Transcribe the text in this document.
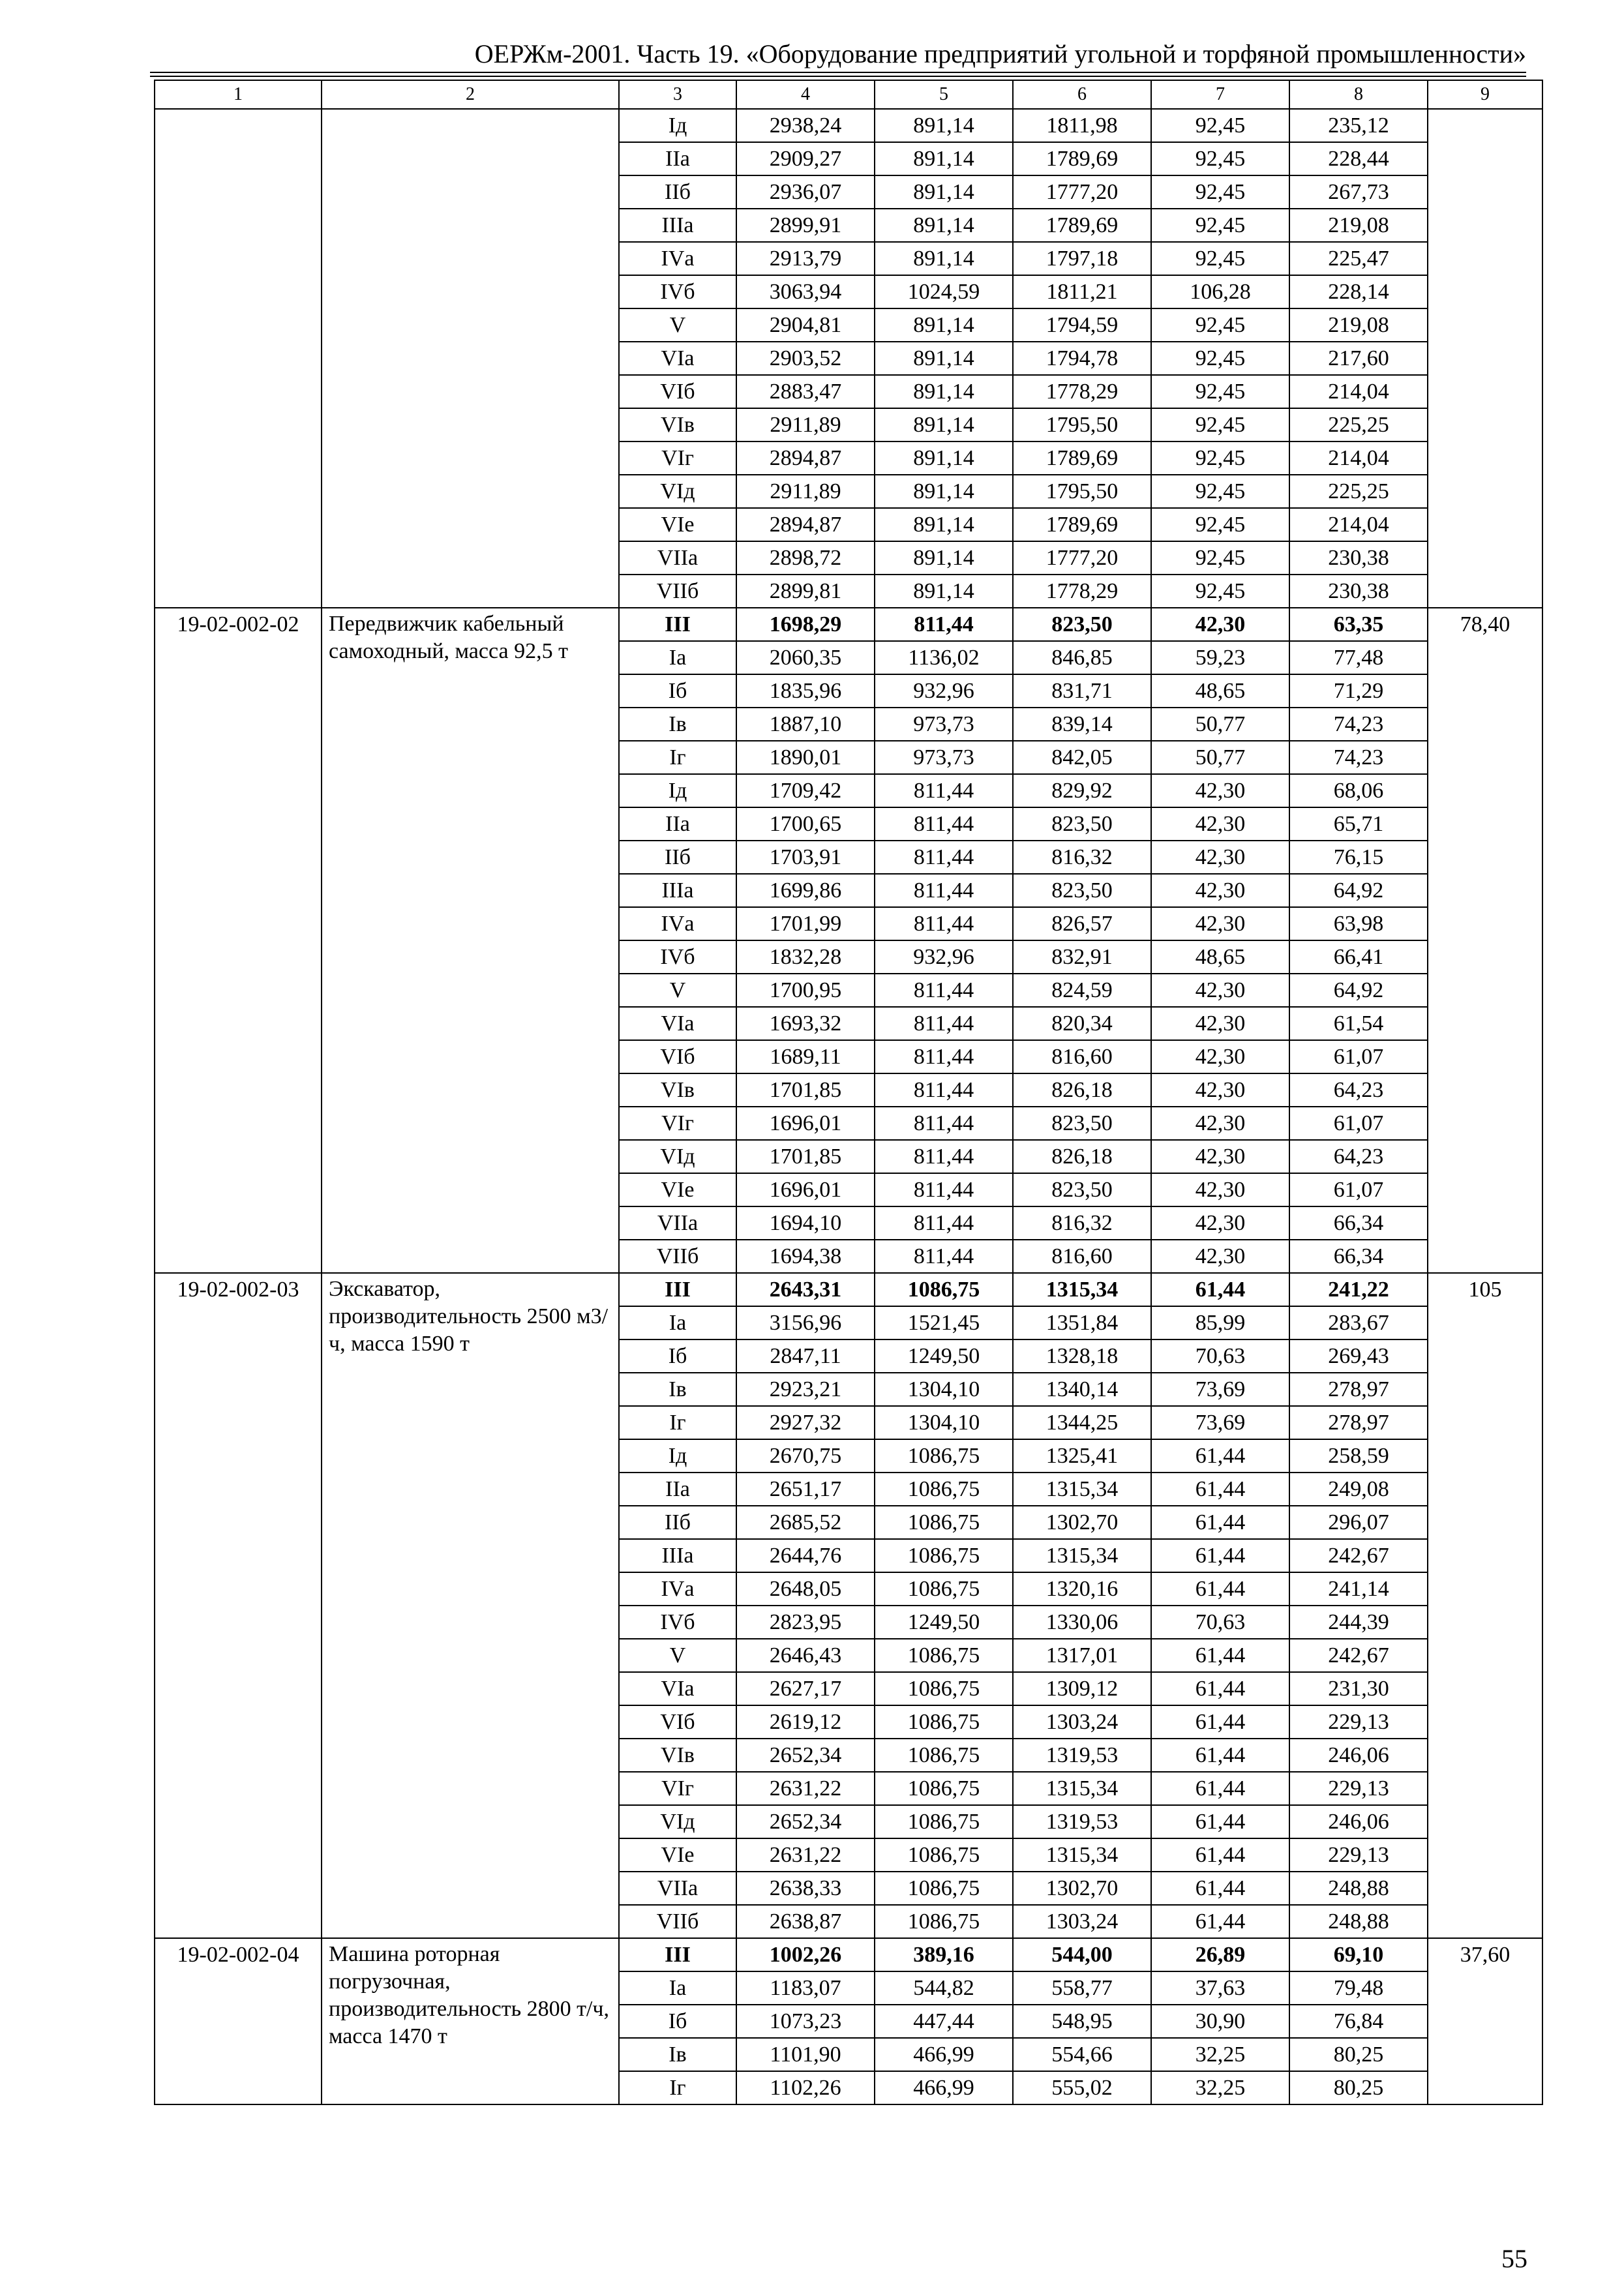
ОЕРЖм-2001. Часть 19. «Оборудование предприятий угольной и торфяной промышленности»
1	2	3	4	5	6	7	8	9
		Iд	2938,24	891,14	1811,98	92,45	235,12	
		IIа	2909,27	891,14	1789,69	92,45	228,44	
		IIб	2936,07	891,14	1777,20	92,45	267,73	
		IIIа	2899,91	891,14	1789,69	92,45	219,08	
		IVа	2913,79	891,14	1797,18	92,45	225,47	
		IVб	3063,94	1024,59	1811,21	106,28	228,14	
		V	2904,81	891,14	1794,59	92,45	219,08	
		VIа	2903,52	891,14	1794,78	92,45	217,60	
		VIб	2883,47	891,14	1778,29	92,45	214,04	
		VIв	2911,89	891,14	1795,50	92,45	225,25	
		VIг	2894,87	891,14	1789,69	92,45	214,04	
		VIд	2911,89	891,14	1795,50	92,45	225,25	
		VIе	2894,87	891,14	1789,69	92,45	214,04	
		VIIа	2898,72	891,14	1777,20	92,45	230,38	
		VIIб	2899,81	891,14	1778,29	92,45	230,38	
19-02-002-02	Передвижчик кабельный самоходный, масса 92,5 т	III	1698,29	811,44	823,50	42,30	63,35	78,40
		Iа	2060,35	1136,02	846,85	59,23	77,48	
		Iб	1835,96	932,96	831,71	48,65	71,29	
		Iв	1887,10	973,73	839,14	50,77	74,23	
		Iг	1890,01	973,73	842,05	50,77	74,23	
		Iд	1709,42	811,44	829,92	42,30	68,06	
		IIа	1700,65	811,44	823,50	42,30	65,71	
		IIб	1703,91	811,44	816,32	42,30	76,15	
		IIIа	1699,86	811,44	823,50	42,30	64,92	
		IVа	1701,99	811,44	826,57	42,30	63,98	
		IVб	1832,28	932,96	832,91	48,65	66,41	
		V	1700,95	811,44	824,59	42,30	64,92	
		VIа	1693,32	811,44	820,34	42,30	61,54	
		VIб	1689,11	811,44	816,60	42,30	61,07	
		VIв	1701,85	811,44	826,18	42,30	64,23	
		VIг	1696,01	811,44	823,50	42,30	61,07	
		VIд	1701,85	811,44	826,18	42,30	64,23	
		VIе	1696,01	811,44	823,50	42,30	61,07	
		VIIа	1694,10	811,44	816,32	42,30	66,34	
		VIIб	1694,38	811,44	816,60	42,30	66,34	
19-02-002-03	Экскаватор, производительность 2500 м3/ч, масса 1590 т	III	2643,31	1086,75	1315,34	61,44	241,22	105
		Iа	3156,96	1521,45	1351,84	85,99	283,67	
		Iб	2847,11	1249,50	1328,18	70,63	269,43	
		Iв	2923,21	1304,10	1340,14	73,69	278,97	
		Iг	2927,32	1304,10	1344,25	73,69	278,97	
		Iд	2670,75	1086,75	1325,41	61,44	258,59	
		IIа	2651,17	1086,75	1315,34	61,44	249,08	
		IIб	2685,52	1086,75	1302,70	61,44	296,07	
		IIIа	2644,76	1086,75	1315,34	61,44	242,67	
		IVа	2648,05	1086,75	1320,16	61,44	241,14	
		IVб	2823,95	1249,50	1330,06	70,63	244,39	
		V	2646,43	1086,75	1317,01	61,44	242,67	
		VIа	2627,17	1086,75	1309,12	61,44	231,30	
		VIб	2619,12	1086,75	1303,24	61,44	229,13	
		VIв	2652,34	1086,75	1319,53	61,44	246,06	
		VIг	2631,22	1086,75	1315,34	61,44	229,13	
		VIд	2652,34	1086,75	1319,53	61,44	246,06	
		VIе	2631,22	1086,75	1315,34	61,44	229,13	
		VIIа	2638,33	1086,75	1302,70	61,44	248,88	
		VIIб	2638,87	1086,75	1303,24	61,44	248,88	
19-02-002-04	Машина роторная погрузочная, производительность 2800 т/ч, масса 1470 т	III	1002,26	389,16	544,00	26,89	69,10	37,60
		Iа	1183,07	544,82	558,77	37,63	79,48	
		Iб	1073,23	447,44	548,95	30,90	76,84	
		Iв	1101,90	466,99	554,66	32,25	80,25	
		Iг	1102,26	466,99	555,02	32,25	80,25	
55
